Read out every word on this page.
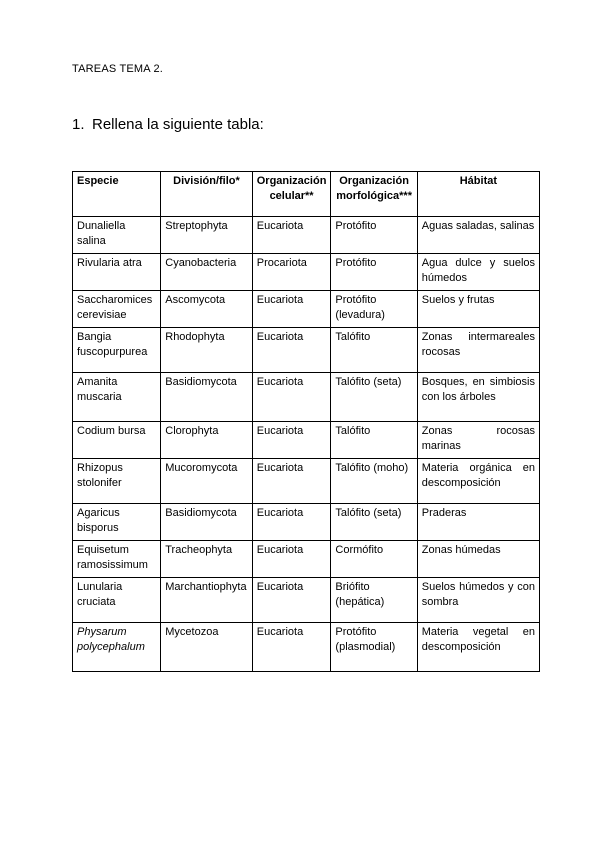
TAREAS TEMA 2.
1. Rellena la siguiente tabla:
Especie	División/filo*	Organización celular**	Organización morfológica***	Hábitat
Dunaliella salina	Streptophyta	Eucariota	Protófito	Aguas saladas, salinas
Rivularia atra	Cyanobacteria	Procariota	Protófito	Agua dulce y suelos húmedos
Saccharomices cerevisiae	Ascomycota	Eucariota	Protófito (levadura)	Suelos y frutas
Bangia fuscopurpurea	Rhodophyta	Eucariota	Talófito	Zonas intermareales rocosas
Amanita muscaria	Basidiomycota	Eucariota	Talófito (seta)	Bosques, en simbiosis con los árboles
Codium bursa	Clorophyta	Eucariota	Talófito	Zonas rocosas marinas
Rhizopus stolonifer	Mucoromycota	Eucariota	Talófito (moho)	Materia orgánica en descomposición
Agaricus bisporus	Basidiomycota	Eucariota	Talófito (seta)	Praderas
Equisetum ramosissimum	Tracheophyta	Eucariota	Cormófito	Zonas húmedas
Lunularia cruciata	Marchantiophyta	Eucariota	Briófito (hepática)	Suelos húmedos y con sombra
Physarum polycephalum	Mycetozoa	Eucariota	Protófito (plasmodial)	Materia vegetal en descomposición
